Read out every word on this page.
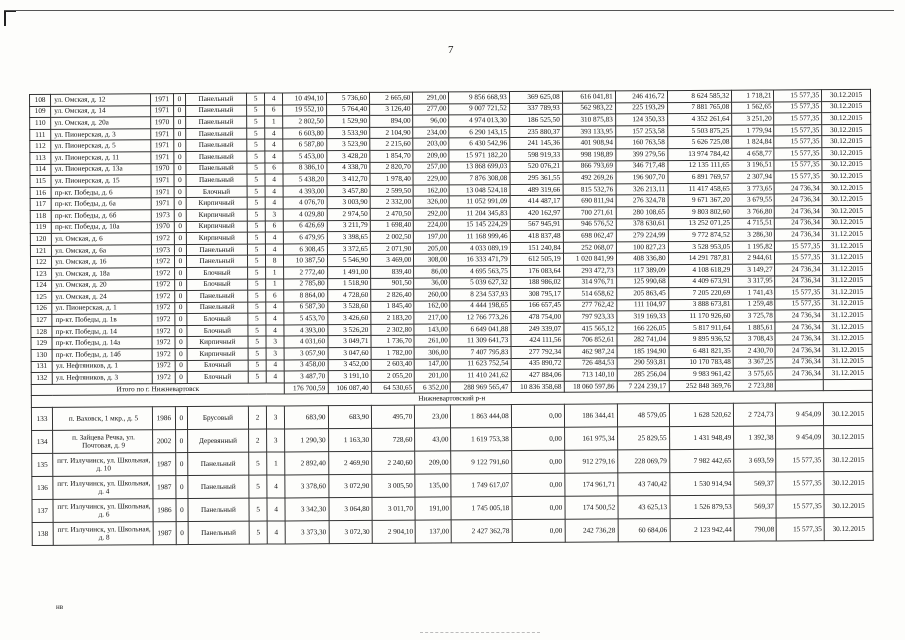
7
108	ул. Омская, д. 12	1971	0	Панельный	5	4	10 494,10	5 736,60	2 665,60	291,00	9 856 668,93	369 625,08	616 041,81	246 416,72	8 624 585,32	1 718,21	15 577,35	30.12.2015
109	ул. Омская, д. 14	1971	0	Панельный	5	6	19 552,10	5 764,40	3 126,40	277,00	9 007 721,52	337 789,93	562 983,22	225 193,29	7 881 765,08	1 562,65	15 577,35	30.12.2015
110	ул. Омская, д. 20а	1970	0	Панельный	5	1	2 802,50	1 529,90	894,00	96,00	4 974 013,30	186 525,50	310 875,83	124 350,33	4 352 261,64	3 251,20	15 577,35	30.12.2015
111	ул. Пионерская, д. 3	1971	0	Панельный	5	4	6 603,80	3 533,90	2 104,90	234,00	6 290 143,15	235 880,37	393 133,95	157 253,58	5 503 875,25	1 779,94	15 577,35	30.12.2015
112	ул. Пионерская, д. 5	1971	0	Панельный	5	4	6 587,80	3 523,90	2 215,60	203,00	6 430 542,96	241 145,36	401 908,94	160 763,58	5 626 725,08	1 824,84	15 577,35	30.12.2015
113	ул. Пионерская, д. 11	1971	0	Панельный	5	4	5 453,00	3 428,20	1 854,70	209,00	15 971 182,20	598 919,33	998 198,89	399 279,56	13 974 784,42	4 658,77	15 577,35	30.12.2015
114	ул. Пионерская, д. 13а	1970	0	Панельный	5	6	8 386,10	4 338,70	2 820,70	257,00	13 868 699,03	520 076,21	866 793,69	346 717,48	12 135 111,65	3 196,51	15 577,35	30.12.2015
115	ул. Пионерская, д. 15	1971	0	Панельный	5	4	5 438,20	3 412,70	1 978,40	229,00	7 876 308,08	295 361,55	492 269,26	196 907,70	6 891 769,57	2 307,94	15 577,35	30.12.2015
116	пр-кт. Победы, д. 6	1971	0	Блочный	5	4	4 393,00	3 457,80	2 599,50	162,00	13 048 524,18	489 319,66	815 532,76	326 213,11	11 417 458,65	3 773,65	24 736,34	30.12.2015
117	пр-кт. Победы, д. 6а	1971	0	Кирпичный	5	4	4 076,70	3 003,90	2 332,00	326,00	11 052 991,09	414 487,17	690 811,94	276 324,78	9 671 367,20	3 679,55	24 736,34	30.12.2015
118	пр-кт. Победы, д. 6б	1973	0	Кирпичный	5	3	4 029,80	2 974,50	2 470,50	292,00	11 204 345,83	420 162,97	700 271,61	280 108,65	9 803 802,60	3 766,80	24 736,34	30.12.2015
119	пр-кт. Победы, д. 10а	1970	0	Кирпичный	5	6	6 426,69	3 211,79	1 698,40	224,00	15 145 224,29	567 945,91	946 576,52	378 630,61	13 252 071,25	4 715,51	24 736,34	30.12.2015
120	ул. Омская, д. 6	1972	0	Кирпичный	5	4	6 479,95	3 398,65	2 002,50	197,00	11 168 999,46	418 837,48	698 062,47	279 224,99	9 772 874,52	3 286,30	24 736,34	31.12.2015
121	ул. Омская, д. 6а	1973	0	Панельный	5	4	6 308,45	3 372,65	2 071,90	205,00	4 033 089,19	151 240,84	252 068,07	100 827,23	3 528 953,05	1 195,82	15 577,35	31.12.2015
122	ул. Омская, д. 16	1972	0	Панельный	5	8	10 387,50	5 546,90	3 469,00	308,00	16 333 471,79	612 505,19	1 020 841,99	408 336,80	14 291 787,81	2 944,61	15 577,35	31.12.2015
123	ул. Омская, д. 18а	1972	0	Блочный	5	1	2 772,40	1 491,00	839,40	86,00	4 695 563,75	176 083,64	293 472,73	117 389,09	4 108 618,29	3 149,27	24 736,34	31.12.2015
124	ул. Омская, д. 20	1972	0	Блочный	5	1	2 785,80	1 518,90	901,50	36,00	5 039 627,32	188 986,02	314 976,71	125 990,68	4 409 673,91	3 317,95	24 736,34	31.12.2015
125	ул. Омская, д. 24	1972	0	Панельный	5	6	8 864,00	4 728,60	2 826,40	260,00	8 234 537,93	308 795,17	514 658,62	205 863,45	7 205 220,69	1 741,43	15 577,35	31.12.2015
126	ул. Пионерская, д. 1	1972	0	Панельный	5	4	6 587,30	3 528,60	1 845,40	162,00	4 444 198,65	166 657,45	277 762,42	111 104,97	3 888 673,81	1 259,48	15 577,35	31.12.2015
127	пр-кт. Победы, д. 1в	1972	0	Блочный	5	4	5 453,70	3 426,60	2 183,20	217,00	12 766 773,26	478 754,00	797 923,33	319 169,33	11 170 926,60	3 725,78	24 736,34	31.12.2015
128	пр-кт. Победы, д. 14	1972	0	Блочный	5	4	4 393,00	3 526,20	2 302,80	143,00	6 649 041,88	249 339,07	415 565,12	166 226,05	5 817 911,64	1 885,61	24 736,34	31.12.2015
129	пр-кт. Победы, д. 14а	1972	0	Кирпичный	5	3	4 031,60	3 049,71	1 736,70	261,00	11 309 641,73	424 111,56	706 852,61	282 741,04	9 895 936,52	3 708,43	24 736,34	31.12.2015
130	пр-кт. Победы, д. 14б	1972	0	Кирпичный	5	3	3 057,90	3 047,60	1 782,00	306,00	7 407 795,83	277 792,34	462 987,24	185 194,90	6 481 821,35	2 430,70	24 736,34	31.12.2015
131	ул. Нефтяников, д. 1	1972	0	Блочный	5	4	3 458,00	3 452,00	2 603,40	147,00	11 623 752,54	435 890,72	726 484,53	290 593,81	10 170 783,48	3 367,25	24 736,34	31.12.2015
132	ул. Нефтяников, д. 3	1972	0	Блочный	5	4	3 487,70	3 191,10	2 055,20	201,00	11 410 241,62	427 884,06	713 140,10	285 256,04	9 983 961,42	3 575,65	24 736,34	31.12.2015
Итого по г. Нижневартовск							176 700,59	106 087,40	64 530,65	6 352,00	288 969 565,47	10 836 358,68	18 060 597,86	7 224 239,17	252 848 369,76	2 723,88		
Нижневартовский р-н																		
133	п. Ваховск, 1 мкр., д. 5	1986	0	Брусовый	2	3	683,90	683,90	495,70	23,00	1 863 444,08	0,00	186 344,41	48 579,05	1 628 520,62	2 724,73	9 454,09	30.12.2015
134	п. Зайцева Речка, ул. Почтовая, д. 9	2002	0	Деревянный	2	3	1 290,30	1 163,30	728,60	43,00	1 619 753,38	0,00	161 975,34	25 829,55	1 431 948,49	1 392,38	9 454,09	30.12.2015
135	пгт. Излучинск, ул. Школьная, д. 10	1987	0	Панельный	5	1	2 892,40	2 469,90	2 240,60	209,00	9 122 791,60	0,00	912 279,16	228 069,79	7 982 442,65	3 693,59	15 577,35	30.12.2015
136	пгт. Излучинск, ул. Школьная, д. 4	1987	0	Панельный	5	4	3 378,60	3 072,90	3 005,50	135,00	1 749 617,07	0,00	174 961,71	43 740,42	1 530 914,94	569,37	15 577,35	30.12.2015
137	пгт. Излучинск, ул. Школьная, д. 6	1986	0	Панельный	5	4	3 342,30	3 064,80	3 011,70	191,00	1 745 005,18	0,00	174 500,52	43 625,13	1 526 879,53	569,37	15 577,35	30.12.2015
138	пгт. Излучинск, ул. Школьная, д. 8	1987	0	Панельный	5	4	3 373,30	3 072,30	2 904,10	137,00	2 427 362,78	0,00	242 736,28	60 684,06	2 123 942,44	790,08	15 577,35	30.12.2015
нв
